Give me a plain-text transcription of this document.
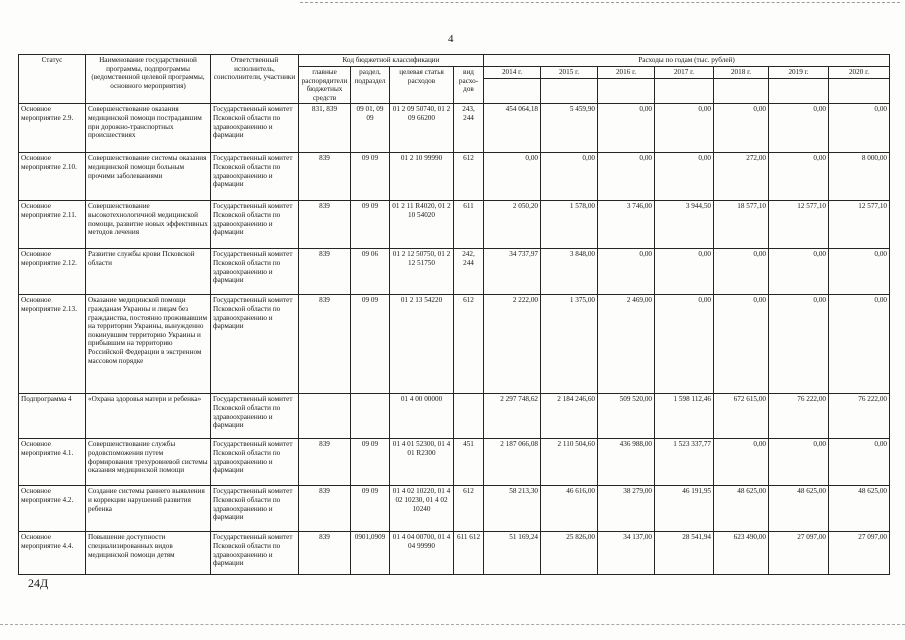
4
Статус	Наименование государственной программы, подпрограммы (ведомственной целевой программы, основного мероприятия)	Ответственный исполнитель, соисполнители, участники	Код бюджетной классификации				Расходы по годам (тыс. рублей)						
			главные распорядители бюджетных средств	раздел, подраздел	целевая статья расходов	вид расхо-дов	2014 г.	2015 г.	2016 г.	2017 г.	2018 г.	2019 г.	2020 г.

Основное мероприятие 2.9.	Совершенствование оказания медицинской помощи пострадавшим при дорожно-транспортных происшествиях	Государственный комитет Псковской области по здравоохранению и фармации	831, 839	09 01, 09 09	01 2 09 50740, 01 2 09 66200	243, 244	454 064,18	5 459,90	0,00	0,00	0,00	0,00	0,00
Основное мероприятие 2.10.	Совершенствование системы оказания медицинской помощи больным прочими заболеваниями	Государственный комитет Псковской области по здравоохранению и фармации	839	09 09	01 2 10 99990	612	0,00	0,00	0,00	0,00	272,00	0,00	8 000,00
Основное мероприятие 2.11.	Совершенствование высокотехнологичной медицинской помощи, развитие новых эффективных методов лечения	Государственный комитет Псковской области по здравоохранению и фармации	839	09 09	01 2 11 R4020, 01 2 10 54020	611	2 050,20	1 578,00	3 746,00	3 944,50	18 577,10	12 577,10	12 577,10
Основное мероприятие 2.12.	Развитие службы крови Псковской области	Государственный комитет Псковской области по здравоохранению и фармации	839	09 06	01 2 12 50750, 01 2 12 51750	242, 244	34 737,97	3 848,00	0,00	0,00	0,00	0,00	0,00
Основное мероприятие 2.13.	Оказание медицинской помощи гражданам Украины и лицам без гражданства, постоянно проживавшим на территории Украины, вынужденно покинувшим территорию Украины и прибывшим на территорию Российской Федерации в экстренном массовом порядке	Государственный комитет Псковской области по здравоохранению и фармации	839	09 09	01 2 13 54220	612	2 222,00	1 375,00	2 469,00	0,00	0,00	0,00	0,00
Подпрограмма 4	«Охрана здоровья матери и ребенка»	Государственный комитет Псковской области по здравоохранению и фармации			01 4 00 00000		2 297 748,62	2 184 246,60	509 520,00	1 598 112,46	672 615,00	76 222,00	76 222,00
Основное мероприятие 4.1.	Совершенствование службы родовспоможения путем формирования трехуровневой системы оказания медицинской помощи	Государственный комитет Псковской области по здравоохранению и фармации	839	09 09	01 4 01 52300, 01 4 01 R2300	451	2 187 066,08	2 110 504,60	436 988,00	1 523 337,77	0,00	0,00	0,00
Основное мероприятие 4.2.	Создание системы раннего выявления и коррекции нарушений развития ребенка	Государственный комитет Псковской области по здравоохранению и фармации	839	09 09	01 4 02 10220, 01 4 02 10230, 01 4 02 10240	612	58 213,30	46 616,00	38 279,00	46 191,95	48 625,00	48 625,00	48 625,00
Основное мероприятие 4.4.	Повышение доступности специализированных видов медицинской помощи детям	Государственный комитет Псковской области по здравоохранению и фармации	839	0901,0909	01 4 04 00700, 01 4 04 99990	611 612	51 169,24	25 826,00	34 137,00	28 541,94	623 490,00	27 097,00	27 097,00
24Д
